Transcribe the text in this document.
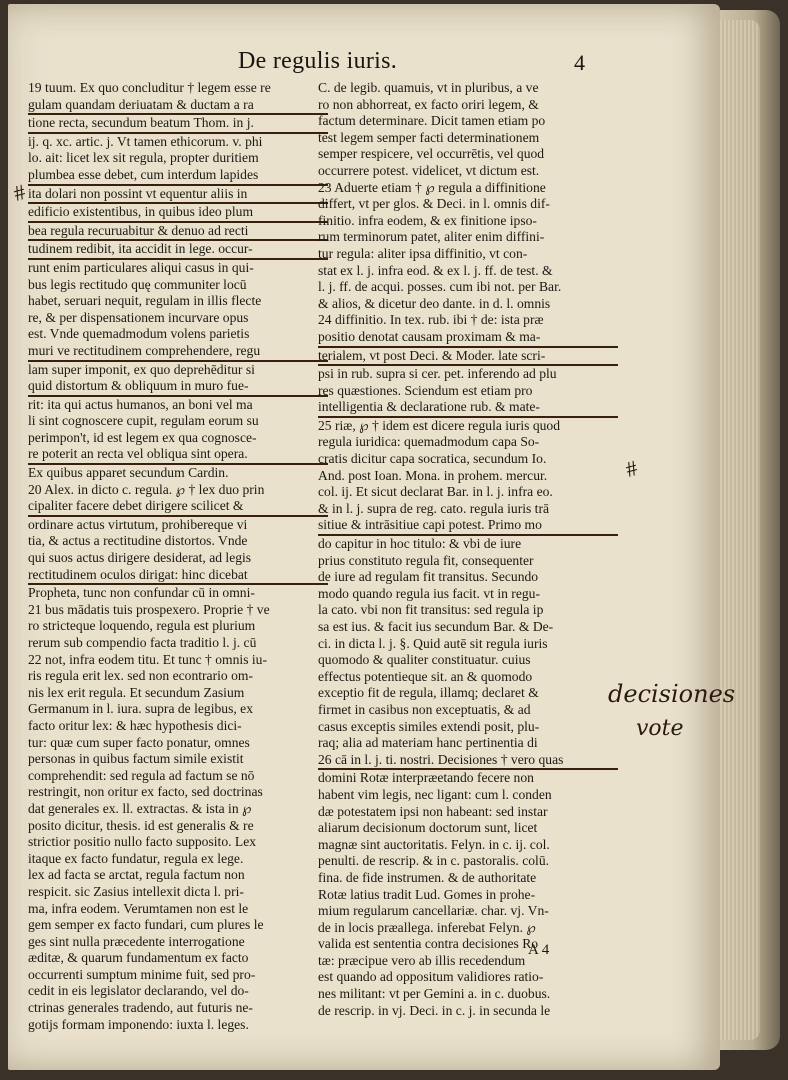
De regulis iuris.	4
19 tuum. Ex quo concluditur † legem esse re
gulam quandam deriuatam & ductam a ra
tione recta, secundum beatum Thom. in j.
ij. q. xc. artic. j. Vt tamen ethicorum. v. phi
lo. ait: licet lex sit regula, propter duritiem
plumbea esse debet, cum interdum lapides
ita dolari non possint vt equentur aliis in
edificio existentibus, in quibus ideo plum
bea regula recuruabitur & denuo ad recti
tudinem redibit, ita accidit in lege. occur-
runt enim particulares aliqui casus in qui-
bus legis rectitudo quę communiter locū
habet, seruari nequit, regulam in illis flecte
re, & per dispensationem incurvare opus
est. Vnde quemadmodum volens parietis
muri ve rectitudinem comprehendere, regu
lam super imponit, ex quo deprehēditur si
quid distortum & obliquum in muro fue-
rit: ita qui actus humanos, an boni vel ma
li sint cognoscere cupit, regulam eorum su
perimpon't, id est legem ex qua cognosce-
re poterit an recta vel obliqua sint opera.
Ex quibus apparet secundum Cardin.
20 Alex. in dicto c. regula. ℘ † lex duo prin
cipaliter facere debet dirigere scilicet &
ordinare actus virtutum, prohibereque vi
tia, & actus a rectitudine distortos. Vnde
qui suos actus dirigere desiderat, ad legis
rectitudinem oculos dirigat: hinc dicebat
Propheta, tunc non confundar cū in omni-
21 bus mādatis tuis prospexero. Proprie † ve
ro stricteque loquendo, regula est plurium
rerum sub compendio facta traditio l. j. cū
22 not, infra eodem titu. Et tunc † omnis iu-
ris regula erit lex. sed non econtrario om-
nis lex erit regula. Et secundum Zasium
Germanum in l. iura. supra de legibus, ex
facto oritur lex: & hæc hypothesis dici-
tur: quæ cum super facto ponatur, omnes
personas in quibus factum simile existit
comprehendit: sed regula ad factum se nō
restringit, non oritur ex facto, sed doctrinas
dat generales ex. ll. extractas. & ista in ℘
posito dicitur, thesis. id est generalis & re
strictior positio nullo facto supposito. Lex
itaque ex facto fundatur, regula ex lege.
lex ad facta se arctat, regula factum non
respicit. sic Zasius intellexit dicta l. pri-
ma, infra eodem. Verumtamen non est le
gem semper ex facto fundari, cum plures le
ges sint nulla præcedente interrogatione
æditæ, & quarum fundamentum ex facto
occurrenti sumptum minime fuit, sed pro-
cedit in eis legislator declarando, vel do-
ctrinas generales tradendo, aut futuris ne-
gotijs formam imponendo: iuxta l. leges.
C. de legib. quamuis, vt in pluribus, a ve
ro non abhorreat, ex facto oriri legem, &
factum determinare. Dicit tamen etiam po
test legem semper facti determinationem
semper respicere, vel occurrētis, vel quod
occurrere potest. videlicet, vt dictum est.
23 Aduerte etiam † ℘ regula a diffinitione
differt, vt per glos. & Deci. in l. omnis dif-
finitio. infra eodem, & ex finitione ipso-
rum terminorum patet, aliter enim diffini-
tur regula: aliter ipsa diffinitio, vt con-
stat ex l. j. infra eod. & ex l. j. ff. de test. &
l. j. ff. de acqui. posses. cum ibi not. per Bar.
& alios, & dicetur deo dante. in d. l. omnis
24 diffinitio. In tex. rub. ibi † de: ista præ
positio denotat causam proximam & ma-
terialem, vt post Deci. & Moder. late scri-
psi in rub. supra si cer. pet. inferendo ad plu
res quæstiones. Sciendum est etiam pro
intelligentia & declaratione rub. & mate-
25 riæ, ℘ † idem est dicere regula iuris quod
regula iuridica: quemadmodum capa So-
cratis dicitur capa socratica, secundum Io.
And. post Ioan. Mona. in prohem. mercur.
col. ij. Et sicut declarat Bar. in l. j. infra eo.
& in l. j. supra de reg. cato. regula iuris trā
sitiue & intrāsitiue capi potest. Primo mo
do capitur in hoc titulo: & vbi de iure
prius constituto regula fit, consequenter
de iure ad regulam fit transitus. Secundo
modo quando regula ius facit. vt in regu-
la cato. vbi non fit transitus: sed regula ip
sa est ius. & facit ius secundum Bar. & De-
ci. in dicta l. j. §. Quid autē sit regula iuris
quomodo & qualiter constituatur. cuius
effectus potentieque sit. an & quomodo
exceptio fit de regula, illamq; declaret &
firmet in casibus non exceptuatis, & ad
casus exceptis similes extendi posit, plu-
raq; alia ad materiam hanc pertinentia di
26 cā in l. j. ti. nostri. Decisiones † vero quas
domini Rotæ interpræetando fecere non
habent vim legis, nec ligant: cum l. conden
dæ potestatem ipsi non habeant: sed instar
aliarum decisionum doctorum sunt, licet
magnæ sint auctoritatis. Felyn. in c. ij. col.
penulti. de rescrip. & in c. pastoralis. colū.
fina. de fide instrumen. & de authoritate
Rotæ latius tradit Lud. Gomes in prohe-
mium regularum cancellariæ. char. vj. Vn-
de in locis præallega. inferebat Felyn. ℘
valida est sententia contra decisiones Ro
tæ: præcipue vero ab illis recedendum
est quando ad oppositum validiores ratio-
nes militant: vt per Gemini a. in c. duobus.
de rescrip. in vj. Deci. in c. j. in secunda le
A 4
#
#
decisiones
vote
